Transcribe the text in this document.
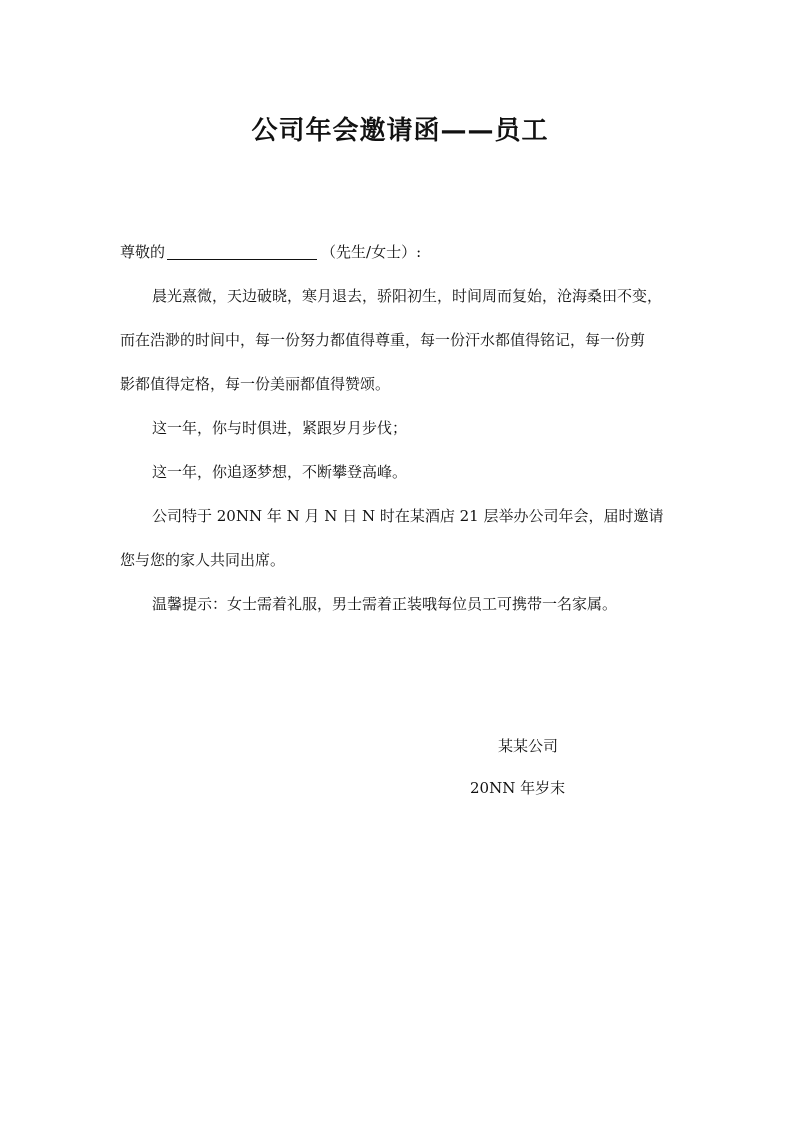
公司年会邀请函——员工

尊敬的	（先生/女士）:

晨光熹微，天边破晓，寒月退去，骄阳初生，时间周而复始，沧海桑田不变，

而在浩渺的时间中，每一份努力都值得尊重，每一份汗水都值得铭记，每一份剪

影都值得定格，每一份美丽都值得赞颂。

这一年，你与时俱进，紧跟岁月步伐；

这一年，你追逐梦想，不断攀登高峰。

公司特于 20NN 年 N 月 N 日 N 时在某酒店 21 层举办公司年会，届时邀请

您与您的家人共同出席。

温馨提示：女士需着礼服，男士需着正装哦每位员工可携带一名家属。

某某公司
20NN 年岁末
